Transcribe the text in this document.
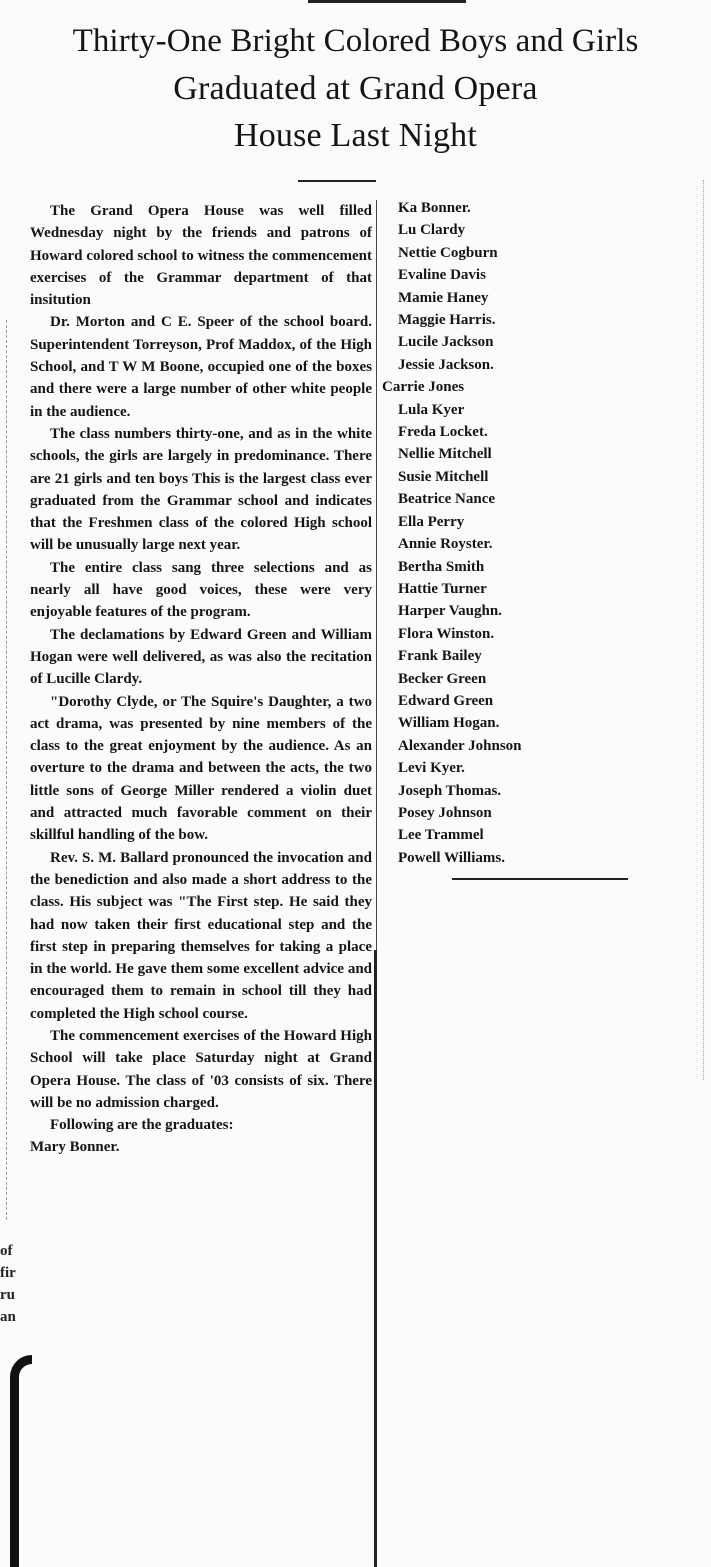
Thirty-One Bright Colored Boys and Girls
Graduated at Grand Opera
House Last Night

The Grand Opera House was well filled Wednesday night by the friends and patrons of Howard colored school to witness the commencement exercises of the Grammar department of that insitution

Dr. Morton and C E. Speer of the school board. Superintendent Torreyson, Prof Maddox, of the High School, and T W M Boone, occupied one of the boxes and there were a large number of other white people in the audience.

The class numbers thirty-one, and as in the white schools, the girls are largely in predominance. There are 21 girls and ten boys This is the largest class ever graduated from the Grammar school and indicates that the Freshmen class of the colored High school will be unusually large next year.

The entire class sang three selections and as nearly all have good voices, these were very enjoyable features of the program.

The declamations by Edward Green and William Hogan were well delivered, as was also the recitation of Lucille Clardy.

"Dorothy Clyde, or The Squire's Daughter, a two act drama, was presented by nine members of the class to the great enjoyment by the audience. As an overture to the drama and between the acts, the two little sons of George Miller rendered a violin duet and attracted much favorable comment on their skillful handling of the bow.

Rev. S. M. Ballard pronounced the invocation and the benediction and also made a short address to the class. His subject was "The First step. He said they had now taken their first educational step and the first step in preparing themselves for taking a place in the world. He gave them some excellent advice and encouraged them to remain in school till they had completed the High school course.

The commencement exercises of the Howard High School will take place Saturday night at Grand Opera House. The class of '03 consists of six. There will be no admission charged.

Following are the graduates:

Mary Bonner.

Ka Bonner.
Lu Clardy
Nettie Cogburn
Evaline Davis
Mamie Haney
Maggie Harris.
Lucile Jackson
Jessie Jackson.
Carrie Jones
Lula Kyer
Freda Locket.
Nellie Mitchell
Susie Mitchell
Beatrice Nance
Ella Perry
Annie Royster.
Bertha Smith
Hattie Turner
Harper Vaughn.
Flora Winston.
Frank Bailey
Becker Green
Edward Green
William Hogan.
Alexander Johnson
Levi Kyer.
Joseph Thomas.
Posey Johnson
Lee Trammel
Powell Williams.
of
fir
ru
an
